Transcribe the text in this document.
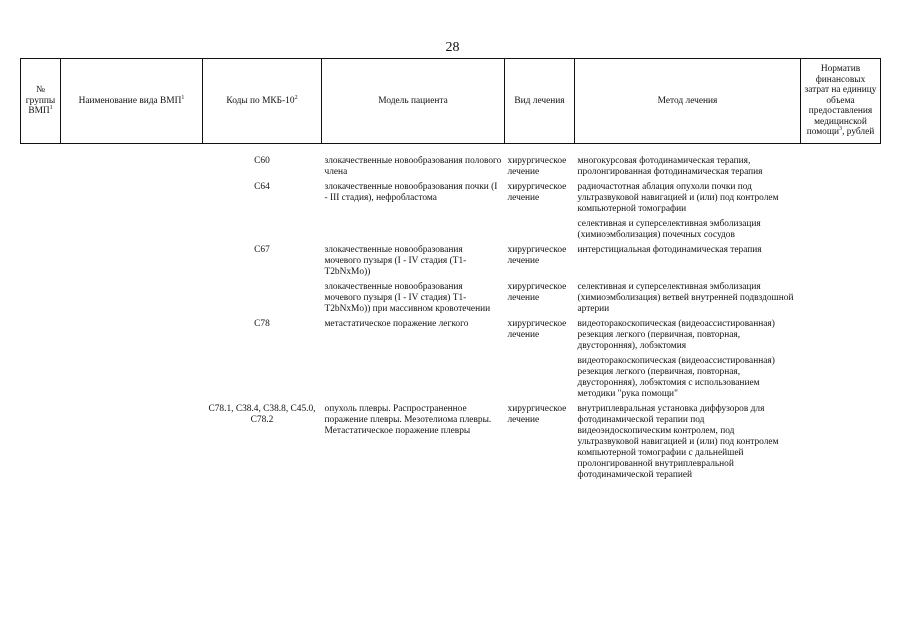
28
№ группы ВМП$^1$	Наименование вида ВМП$^1$	Коды по МКБ-$10^2$	Модель пациента	Вид лечения	Метод лечения	Норматив финансовых затрат на единицу объема предоставления медицинской помощи$^3$, рублей
		C60	злокачественные новообразования полового члена	хирургическое лечение	многокурсовая фотодинамическая терапия, пролонгированная фотодинамическая терапия	
		C64	злокачественные новообразования почки (I - III стадия), нефробластома	хирургическое лечение	радиочастотная аблация опухоли почки под ультразвуковой навигацией и (или) под контролем компьютерной томографии	
					селективная и суперселективная эмболизация (химиоэмболизация) почечных сосудов	
		C67	злокачественные новообразования мочевого пузыря (I - IV стадия (T1-T2bNxMo))	хирургическое лечение	интерстициальная фотодинамическая терапия	
			злокачественные новообразования мочевого пузыря (I - IV стадия) T1-T2bNxMo)) при массивном кровотечении	хирургическое лечение	селективная и суперселективная эмболизация (химиоэмболизация) ветвей внутренней подвздошной артерии	
		C78	метастатическое поражение легкого	хирургическое лечение	видеоторакоскопическая (видеоассистированная) резекция легкого (первичная, повторная, двусторонняя), лобэктомия	
					видеоторакоскопическая (видеоассистированная) резекция легкого (первичная, повторная, двусторонняя), лобэктомия с использованием методики "рука помощи"	
		C78.1, C38.4, C38.8, C45.0, C78.2	опухоль плевры. Распространенное поражение плевры. Мезотелиома плевры. Метастатическое поражение плевры	хирургическое лечение	внутриплевральная установка диффузоров для фотодинамической терапии под видеоэндоскопическим контролем, под ультразвуковой навигацией и (или) под контролем компьютерной томографии с дальнейшей пролонгированной внутриплевральной фотодинамической терапией	
